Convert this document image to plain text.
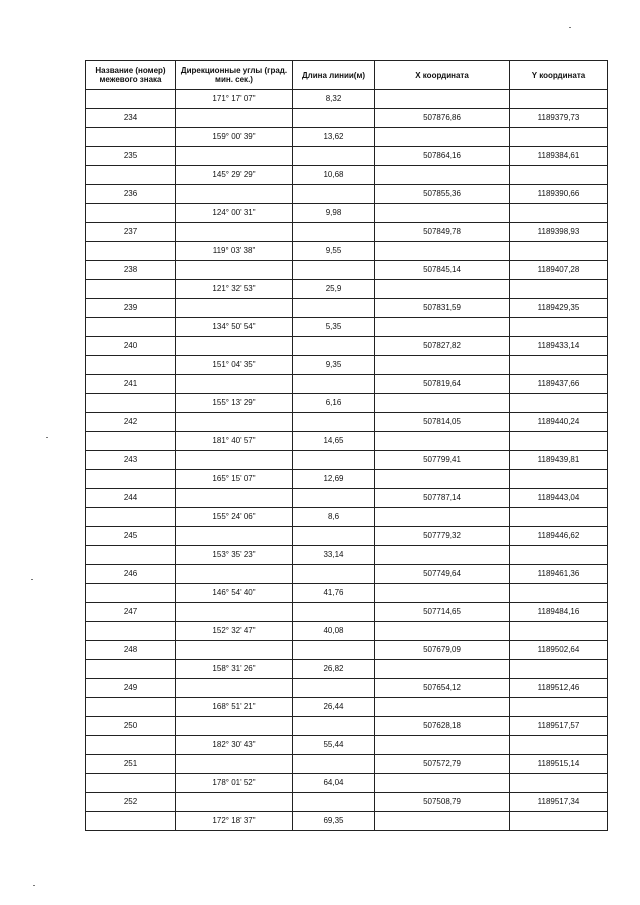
Название (номер) межевого знака	Дирекционные углы (град. мин. сек.)	Длина линии(м)	X координата	Y координата
	171° 17' 07"	8,32		
234			507876,86	1189379,73
	159° 00' 39"	13,62		
235			507864,16	1189384,61
	145° 29' 29"	10,68		
236			507855,36	1189390,66
	124° 00' 31"	9,98		
237			507849,78	1189398,93
	119° 03' 38"	9,55		
238			507845,14	1189407,28
	121° 32' 53"	25,9		
239			507831,59	1189429,35
	134° 50' 54"	5,35		
240			507827,82	1189433,14
	151° 04' 35"	9,35		
241			507819,64	1189437,66
	155° 13' 29"	6,16		
242			507814,05	1189440,24
	181° 40' 57"	14,65		
243			507799,41	1189439,81
	165° 15' 07"	12,69		
244			507787,14	1189443,04
	155° 24' 06"	8,6		
245			507779,32	1189446,62
	153° 35' 23"	33,14		
246			507749,64	1189461,36
	146° 54' 40"	41,76		
247			507714,65	1189484,16
	152° 32' 47"	40,08		
248			507679,09	1189502,64
	158° 31' 26"	26,82		
249			507654,12	1189512,46
	168° 51' 21"	26,44		
250			507628,18	1189517,57
	182° 30' 43"	55,44		
251			507572,79	1189515,14
	178° 01' 52"	64,04		
252			507508,79	1189517,34
	172° 18' 37"	69,35		
